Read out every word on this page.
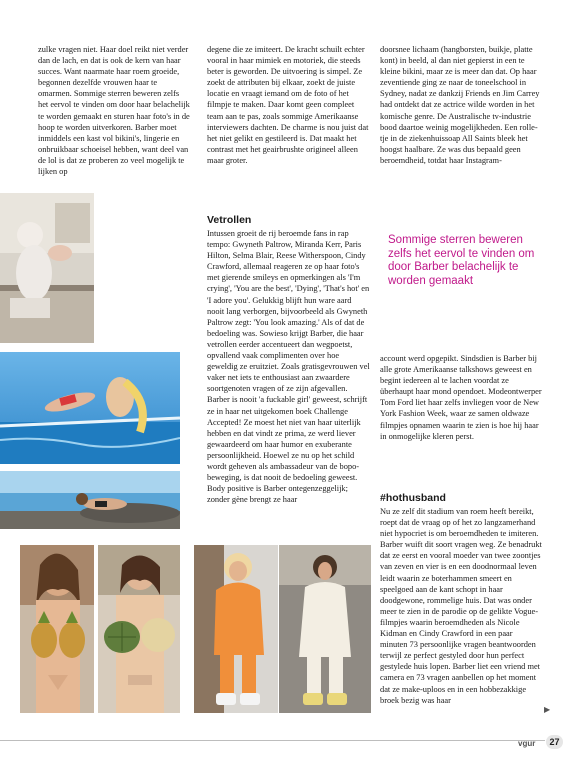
zulke vragen niet. Haar doel reikt niet verder dan de lach, en dat is ook de kern van haar succes. Want naarmate haar roem groeide, begonnen dezelfde vrouwen haar te omarmen. Sommige sterren beweren zelfs het eervol te vinden om door haar belachelijk te worden gemaakt en sturen haar foto's in de hoop te worden uitverkoren. Barber moet inmiddels een kast vol bikini's, lingerie en onbruikbaar schoeisel hebben, want deel van de lol is dat ze proberen zo veel mogelijk te lijken op

degene die ze imiteert. De kracht schuilt echter vooral in haar mimiek en motoriek, die steeds beter is geworden. De uitvoering is simpel. Ze zoekt de attributen bij elkaar, zoekt de juiste locatie en vraagt iemand om de foto of het filmpje te maken. Daar komt geen compleet team aan te pas, zoals sommige Amerikaanse interviewers dachten. De charme is nou juist dat het niet gelikt en gestileerd is. Dat maakt het contrast met het geairbrushte origineel alleen maar groter.

Vetrollen

Intussen groeit de rij beroemde fans in rap tempo: Gwyneth Paltrow, Miranda Kerr, Paris Hilton, Selma Blair, Reese Witherspoon, Cindy Crawford, allemaal reageren ze op haar foto's met gierende smileys en opmerkingen als 'I'm crying', 'You are the best', 'Dying', 'That's hot' en 'I adore you'. Gelukkig blijft hun ware aard nooit lang verborgen, bijvoorbeeld als Gwyneth Paltrow zegt: 'You look amazing.' Als of dat de bedoeling was. Sowieso krijgt Barber, die haar vetrollen eerder accentueert dan wegpoetst, opvallend vaak complimenten over hoe geweldig ze eruitziet. Zoals gratisgevrouwen vel vaker net iets te enthousiast aan zwaardere soortgenoten vragen of ze zijn afgevallen. Barber is nooit 'a fuckable girl' geweest, schrijft ze in haar net uitgekomen boek Challenge Accepted! Ze moest het niet van haar uiterlijk hebben en dat vindt ze prima, ze werd liever gewaardeerd om haar humor en exuberante persoonlijkheid. Hoewel ze nu op het schild wordt geheven als ambassadeur van de bopo-beweging, is dat nooit de bedoeling geweest. Body positive is Barber ontegenzeggelijk; zonder gène brengt ze haar

doorsnee lichaam (hangborsten, buikje, platte kont) in beeld, al dan niet gepierst in een te kleine bikini, maar ze is meer dan dat. Op haar zeventiende ging ze naar de toneelschool in Sydney, nadat ze dankzij Friends en Jim Carrey had ontdekt dat ze actrice wilde worden in het komische genre. De Australische tv-industrie bood daartoe weinig mogelijkheden. Een rolletje in de ziekenhuissoap All Saints bleek het hoogst haalbare. Ze was dus bepaald geen beroemdheid, totdat haar Instagram-

Sommige sterren beweren zelfs het eervol te vinden om door Barber belachelijk te worden gemaakt

account werd opgepikt. Sindsdien is Barber bij alle grote Amerikaanse talkshows geweest en begint iedereen al te lachen voordat ze überhaupt haar mond opendoet. Modeontwerper Tom Ford liet haar zelfs invliegen voor de New York Fashion Week, waar ze samen oldwaze filmpjes opnamen waarin te zien is hoe hij haar in onmogelijke kleren perst.

#hothusband

Nu ze zelf dit stadium van roem heeft bereikt, roept dat de vraag op of het zo langzamerhand niet hypocriet is om beroemdheden te imiteren. Barber wuift dit soort vragen weg. Ze benadrukt dat ze eerst en vooral moeder van twee zoontjes van zeven en vier is en een doodnormaal leven leidt waarin ze boterhammen smeert en speelgoed aan de kant schopt in haar doodgewone, rommelige huis. Dat was onder meer te zien in de parodie op de gelikte Vogue-filmpjes waarin beroemdheden als Nicole Kidman en Cindy Crawford in een paar minuten 73 persoonlijke vragen beantwoorden terwijl ze perfect gestyled door hun perfect gestylede huis lopen. Barber liet een vriend met camera en 73 vragen aanbellen op het moment dat ze make-uploos en in een hobbezakkige broek bezig was haar

▶
vgur	27
